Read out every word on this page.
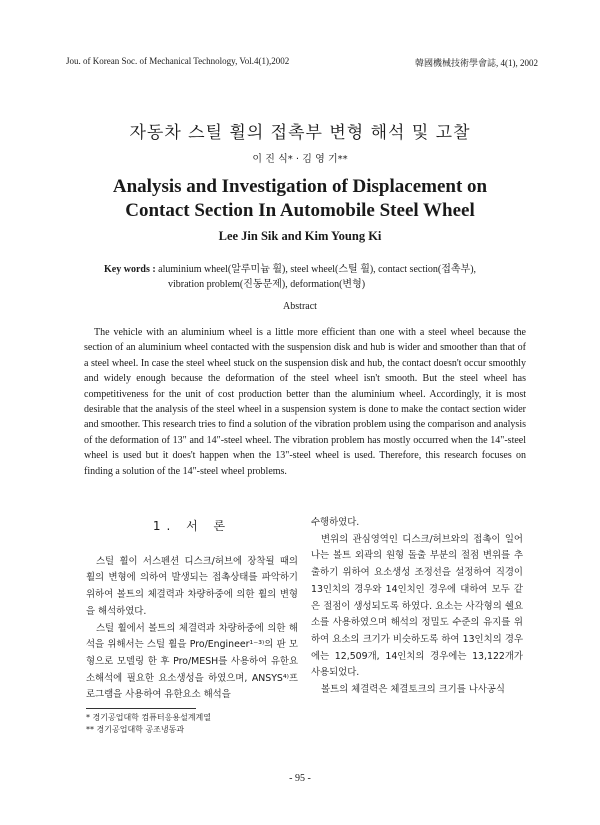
Jou. of Korean Soc. of Mechanical Technology, Vol.4(1),2002	韓國機械技術學會誌, 4(1), 2002
자동차 스틸 휠의 접촉부 변형 해석 및 고찰
이 진 식* · 김 영 기**
Analysis and Investigation of Displacement on
Contact Section In Automobile Steel Wheel
Lee Jin Sik and Kim Young Ki
Key words : aluminium wheel(알루미늄 휠), steel wheel(스틸 휠), contact section(접촉부),
vibration problem(진동문제), deformation(변형)
Abstract

The vehicle with an aluminium wheel is a little more efficient than one with a steel wheel because the section of an aluminium wheel contacted with the suspension disk and hub is wider and smoother than that of a steel wheel. In case the steel wheel stuck on the suspension disk and hub, the contact doesn't occur smoothly and widely enough because the deformation of the steel wheel isn't smooth. But the steel wheel has competitiveness for the unit of cost production better than the aluminium wheel. Accordingly, it is most desirable that the analysis of the steel wheel in a suspension system is done to make the contact section wider and smoother. This research tries to find a solution of the vibration problem using the comparison and analysis of the deformation of 13" and 14"-steel wheel. The vibration problem has mostly occurred when the 14"-steel wheel is used but it does't happen when the 13"-steel wheel is used. Therefore, this research focuses on finding a solution of the 14"-steel wheel problems.

1. 서 론

스틸 휠이 서스펜션 디스크/허브에 장착될 때의 휠의 변형에 의하여 발생되는 접촉상태를 파악하기 위하여 볼트의 체결력과 차량하중에 의한 휠의 변형을 해석하였다.

스틸 휠에서 볼트의 체결력과 차량하중에 의한 해석을 위해서는 스틸 휠을 Pro/Engineer¹⁻³⁾의 판 모형으로 모델링 한 후 Pro/MESH를 사용하여 유한요소해석에 필요한 요소생성을 하였으며, ANSYS⁴⁾프로그램을 사용하여 유한요소 해석을

수행하였다.

변위의 관심영역인 디스크/허브와의 접촉이 일어나는 볼트 외곽의 원형 돌출 부분의 절점 변위를 추출하기 위하여 요소생성 조정선을 설정하여 직경이 13인치의 경우와 14인치인 경우에 대하여 모두 같은 절점이 생성되도록 하였다. 요소는 사각형의 쉘요소를 사용하였으며 해석의 정밀도 수준의 유지를 위하여 요소의 크기가 비슷하도록 하여 13인치의 경우에는 12,509개, 14인치의 경우에는 13,122개가 사용되었다.

볼트의 체결력은 체결토크의 크기를 나사공식

* 경기공업대학 컴퓨터응용설계계열
** 경기공업대학 공조냉동과
- 95 -
